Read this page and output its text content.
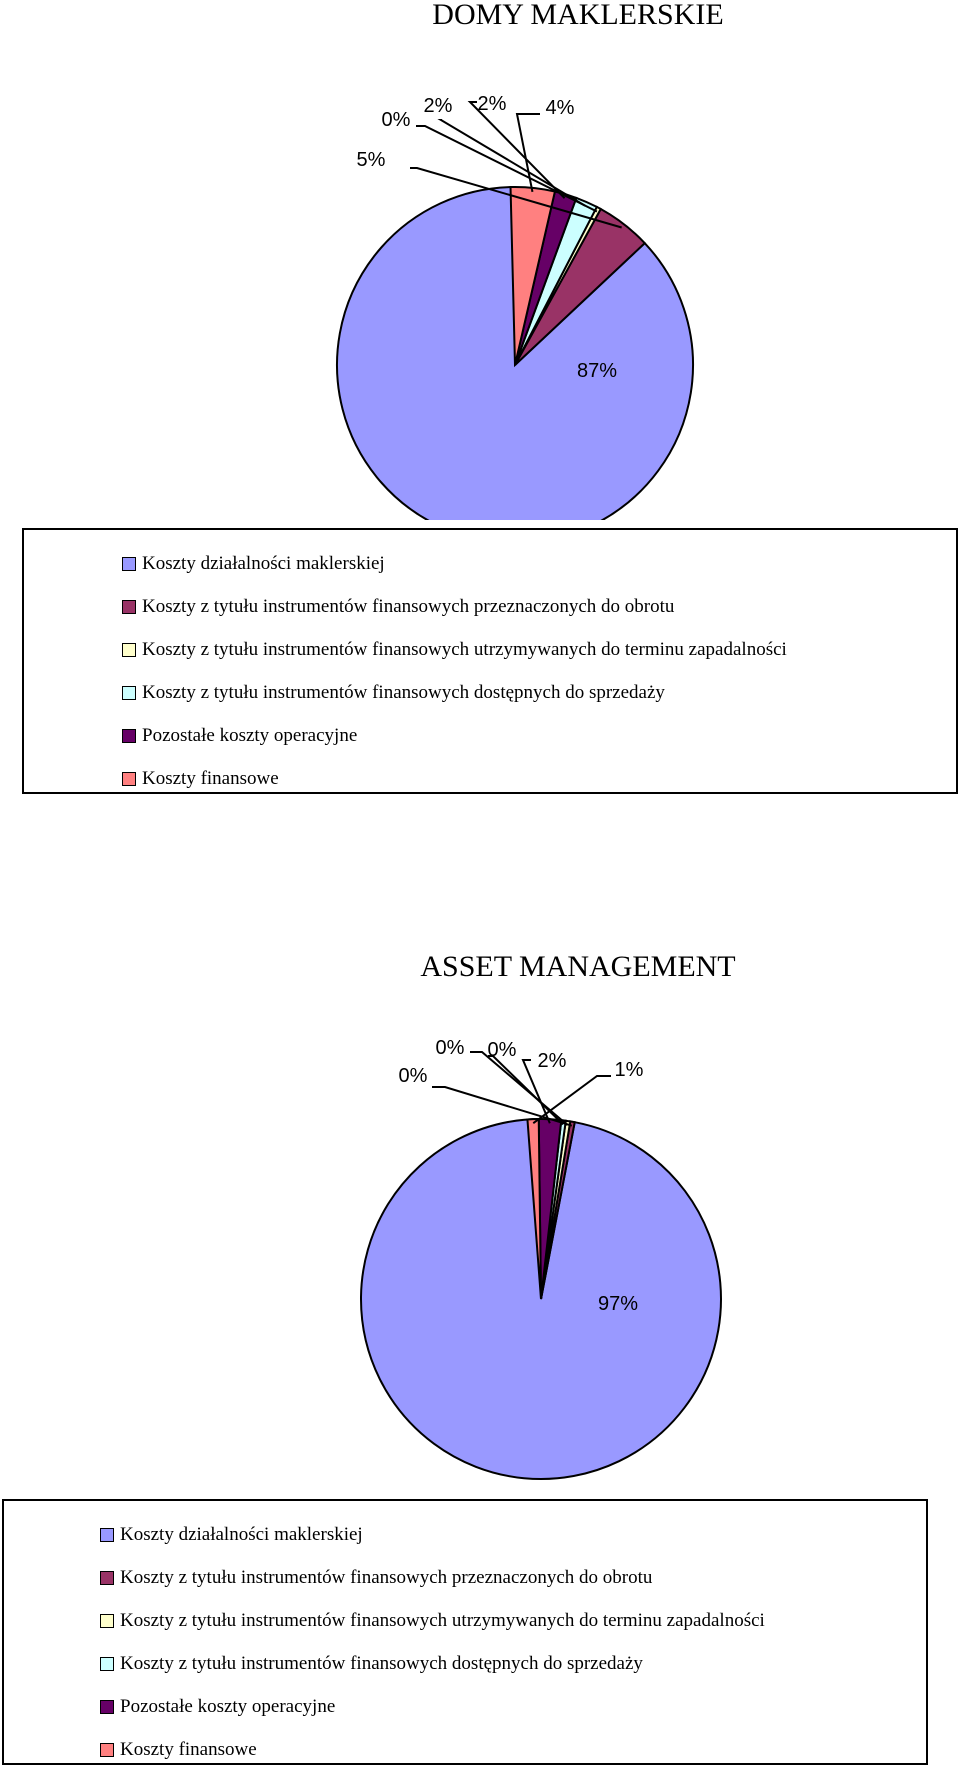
DOMY MAKLERSKIE
87%
5%
0%
2% 2% 4%
Koszty działalności maklerskiej
Koszty z tytułu instrumentów finansowych przeznaczonych do obrotu
Koszty z tytułu instrumentów finansowych utrzymywanych do terminu zapadalności
Koszty z tytułu instrumentów finansowych dostępnych do sprzedaży
Pozostałe koszty operacyjne
Koszty finansowe
ASSET MANAGEMENT
97%
0%
0% 0% 2% 1%
Koszty działalności maklerskiej
Koszty z tytułu instrumentów finansowych przeznaczonych do obrotu
Koszty z tytułu instrumentów finansowych utrzymywanych do terminu zapadalności
Koszty z tytułu instrumentów finansowych dostępnych do sprzedaży
Pozostałe koszty operacyjne
Koszty finansowe
